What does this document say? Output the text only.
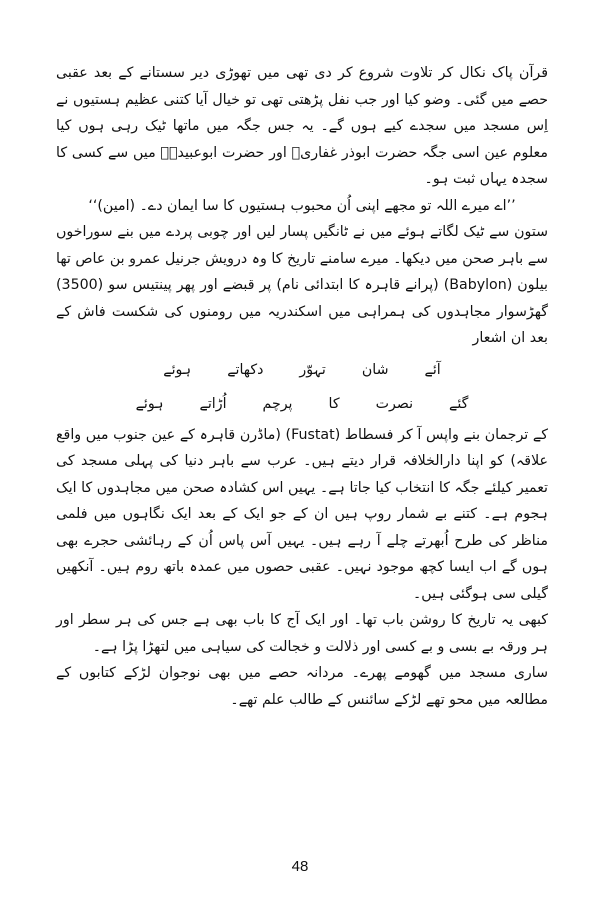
قرآن پاک نکال کر تلاوت شروع کر دی تھی میں تھوڑی دیر سستانے کے بعد عقبی حصے میں گئی۔ وضو کیا اور جب نفل پڑھتی تھی تو خیال آیا کتنی عظیم ہستیوں نے اِس مسجد میں سجدے کیے ہوں گے۔ یہ جس جگہ میں ماتھا ٹیک رہی ہوں کیا معلوم عین اسی جگہ حضرت ابوذر غفاریؓ اور حضرت ابوعبیدہؓ میں سے کسی کا سجدہ یہاں ثبت ہو۔

’’اے میرے اللہ تو مجھے اپنی اُن محبوب ہستیوں کا سا ایمان دے۔ (امین)‘‘

ستون سے ٹیک لگاتے ہوئے میں نے ٹانگیں پسار لیں اور چوبی پردے میں بنے سوراخوں سے باہر صحن میں دیکھا۔ میرے سامنے تاریخ کا وہ درویش جرنیل عمرو بن عاص تھا بیلون (Babylon) (پرانے قاہرہ کا ابتدائی نام) پر قبضے اور پھر پینتیس سو (3500) گھڑسوار مجاہدوں کی ہمراہی میں اسکندریہ میں رومنوں کی شکست فاش کے بعد ان اشعار

آئے
شان
تہوّر
دکھاتے
ہوئے
گئے
نصرت
کا
پرچم
اُڑاتے
ہوئے

کے ترجمان بنے واپس آ کر فسطاط (Fustat) (ماڈرن قاہرہ کے عین جنوب میں واقع علاقہ) کو اپنا دارالخلافہ قرار دیتے ہیں۔ عرب سے باہر دنیا کی پہلی مسجد کی تعمیر کیلئے جگہ کا انتخاب کیا جاتا ہے۔ یہیں اس کشادہ صحن میں مجاہدوں کا ایک ہجوم ہے۔ کتنے بے شمار روپ ہیں ان کے جو ایک کے بعد ایک نگاہوں میں فلمی مناظر کی طرح اُبھرتے چلے آ رہے ہیں۔ یہیں آس پاس اُن کے رہائشی حجرے بھی ہوں گے اب ایسا کچھ موجود نہیں۔ عقبی حصوں میں عمدہ باتھ روم ہیں۔ آنکھیں گیلی سی ہوگئی ہیں۔

کبھی یہ تاریخ کا روشن باب تھا۔ اور ایک آج کا باب بھی ہے جس کی ہر سطر اور ہر ورقہ بے بسی و بے کسی اور ذلالت و خجالت کی سیاہی میں لتھڑا پڑا ہے۔

ساری مسجد میں گھومے پھرے۔ مردانہ حصے میں بھی نوجوان لڑکے کتابوں کے مطالعہ میں محو تھے لڑکے سائنس کے طالب علم تھے۔

48
